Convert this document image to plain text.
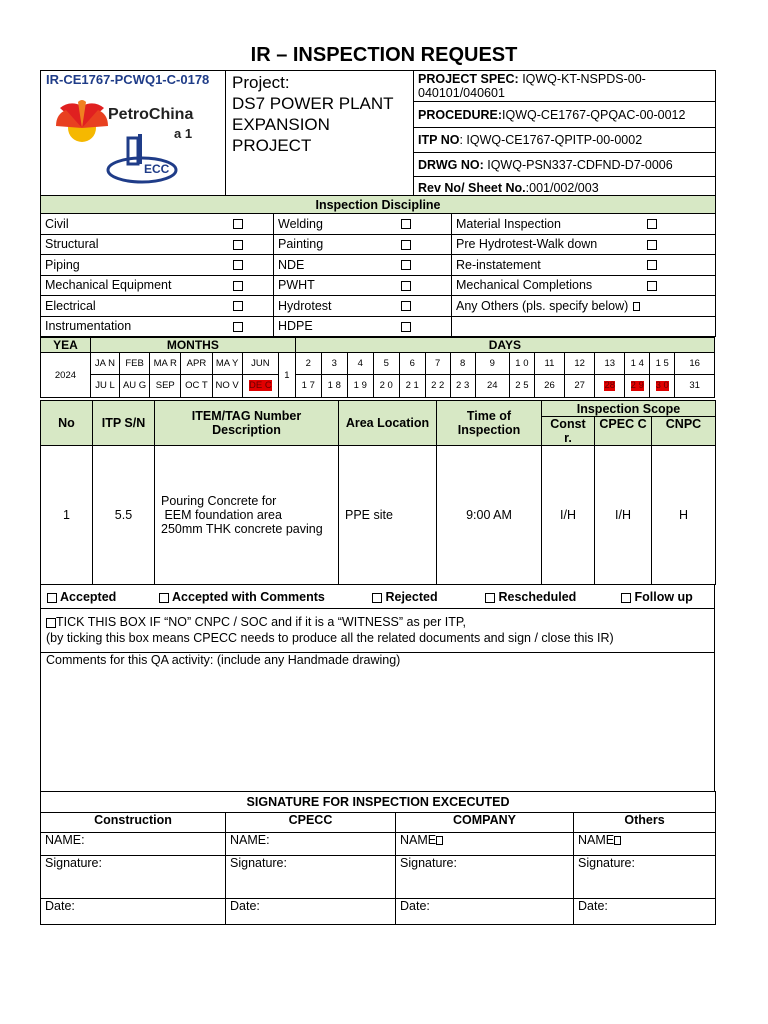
IR – INSPECTION REQUEST
IR-CE1767-PCWQ1-C-0178
PetroChina
a 1
ECC

Project:
DS7 POWER PLANT EXPANSION PROJECT
	PROJECT SPEC: IQWQ-KT-NSPDS-00-040101/040601
PROCEDURE:IQWQ-CE1767-QPQAC-00-0012
ITP NO: IQWQ-CE1767-QPITP-00-0002
DRWG NO: IQWQ-PSN337-CDFND-D7-0006
Rev No/ Sheet No.:001/002/003
Inspection Discipline		
Civil	Welding	Material Inspection

Structural	Painting	Pre Hydrotest-Walk down

Piping	NDE	Re-instatement

Mechanical Equipment	PWHT	Mechanical Completions

Electrical	Hydrotest	Any Others (pls. specify below)
Instrumentation	HDPE

YEA	MONTHS							DAYS														
2024	JA N	FEB	MA R	APR	MA Y	JUN	1	2	3	4	5	6	7	8	9	1 0	11	12	13	1 4	1 5	16
	JU L	AU G	SEP	OC T	NO V	DE C		1 7	1 8	1 9	2 0	2 1	2 2	2 3	24	2 5	26	27	28	2 9	3 0	31
No	ITP S/N	ITEM/TAG Number Description	Area Location	Time of Inspection	Inspection Scope		
					Const r.	CPEC C	CNPC
1	5.5	Pouring Concrete for
EEM foundation area
250mm THK concrete paving	PPE site	9:00 AM	I/H	I/H	H
Accepted	Accepted with Comments	Rejected	Rescheduled	Follow up
TICK THIS BOX IF “NO” CNPC / SOC and if it is a “WITNESS” as per ITP,
(by ticking this box means CPECC needs to produce all the related documents and sign / close this IR)
Comments for this QA activity: (include any Handmade drawing)
SIGNATURE FOR INSPECTION EXCECUTED			
Construction	CPECC	COMPANY	Others
NAME:	NAME:	NAME	NAME
Signature:	Signature:	Signature:	Signature:
Date:	Date:	Date:	Date:
